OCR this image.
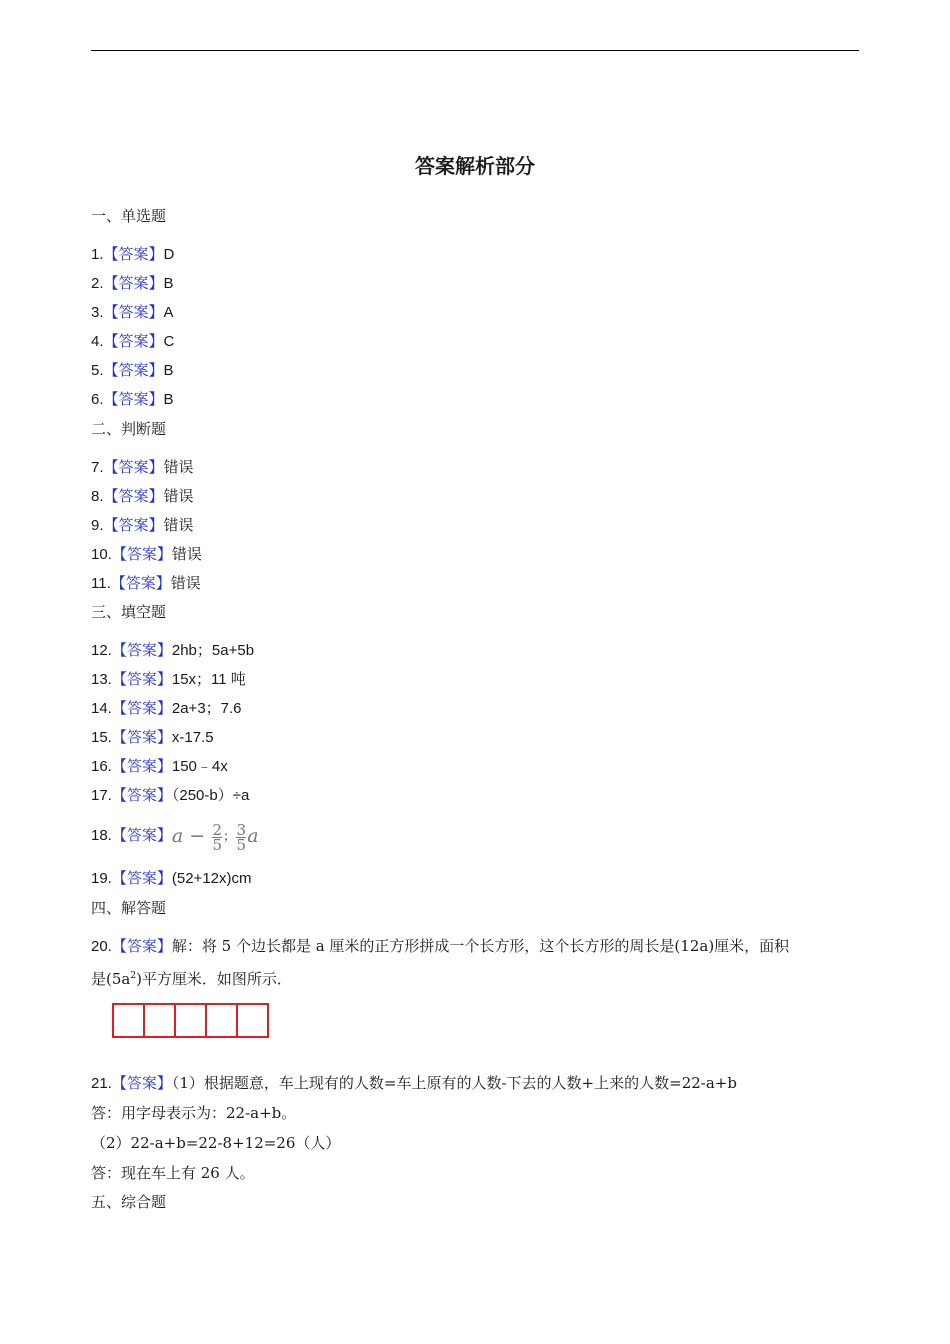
答案解析部分
一、单选题
1.【答案】D
2.【答案】B
3.【答案】A
4.【答案】C
5.【答案】B
6.【答案】B
二、判断题
7.【答案】错误
8.【答案】错误
9.【答案】错误
10.【答案】错误
11.【答案】错误
三、填空题
12.【答案】2hb；5a+5b
13.【答案】15x；11 吨
14.【答案】2a+3；7.6
15.【答案】x-17.5
16.【答案】150﹣4x
17.【答案】（250-b）÷a
18.【答案】$a - \frac{2}{5}$ ； $\frac{3}{5}$ a
19.【答案】(52+12x)cm
四、解答题
20.【答案】解：将 5 个边长都是 a 厘米的正方形拼成一个长方形，这个长方形的周长是(12a)厘米，面积
是$(5a^2)$平方厘米．如图所示．
21.【答案】（1）根据题意，车上现有的人数=车上原有的人数-下去的人数+上来的人数=22-a+b
答：用字母表示为：22-a+b。
（2）22-a+b=22-8+12=26（人）
答：现在车上有 26 人。
五、综合题
